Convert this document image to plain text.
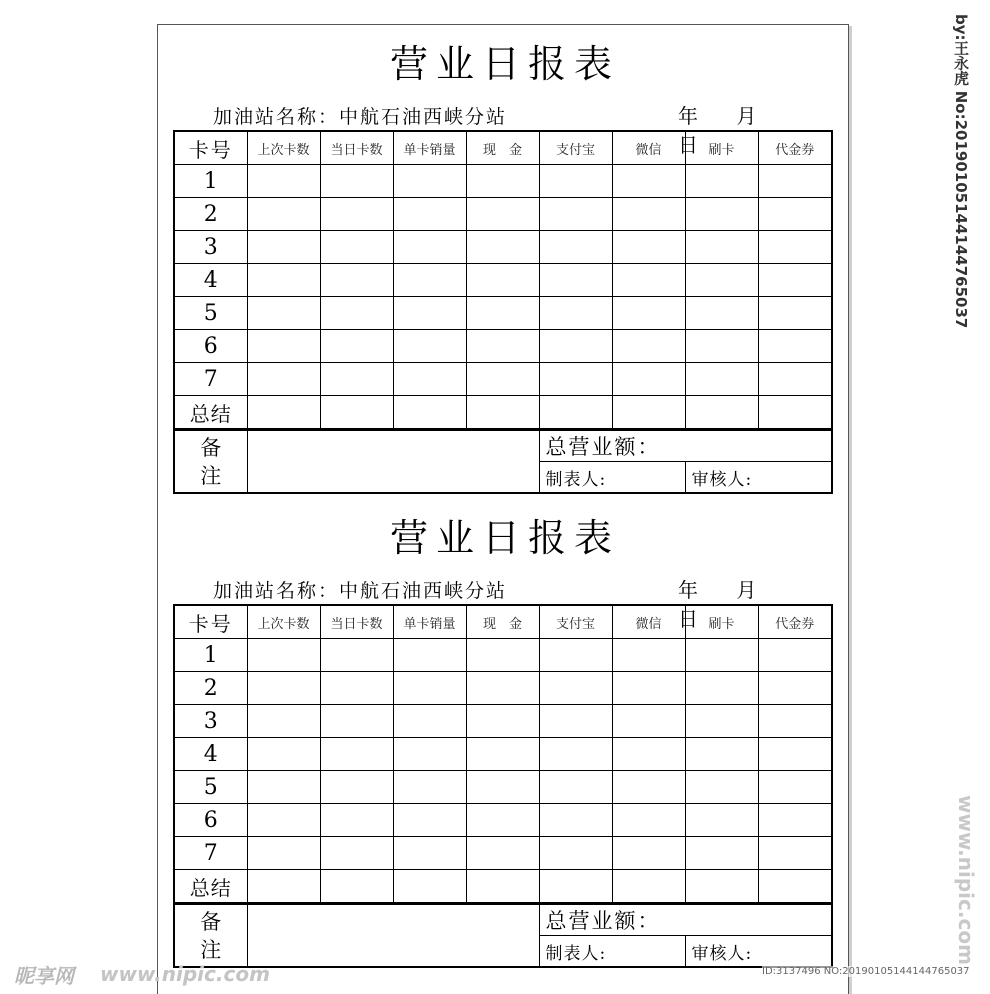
营业日报表
加油站名称：中航石油西峡分站	年 月 日
卡号	上次卡数	当日卡数	单卡销量	现　金	支付宝	微信	刷卡	代金券
1								
2								
3								
4								
5								
6								
7								
总结								
备
注		总营业额：	
		制表人:	审核人:
营业日报表
加油站名称：中航石油西峡分站	年 月 日
卡号	上次卡数	当日卡数	单卡销量	现　金	支付宝	微信	刷卡	代金券
1								
2								
3								
4								
5								
6								
7								
总结								
备
注		总营业额：	
		制表人:	审核人:
by:王永虎 No:20190105144144765037
www.nipic.com
昵享网 www.nipic.com	ID:3137496 NO:20190105144144765037
